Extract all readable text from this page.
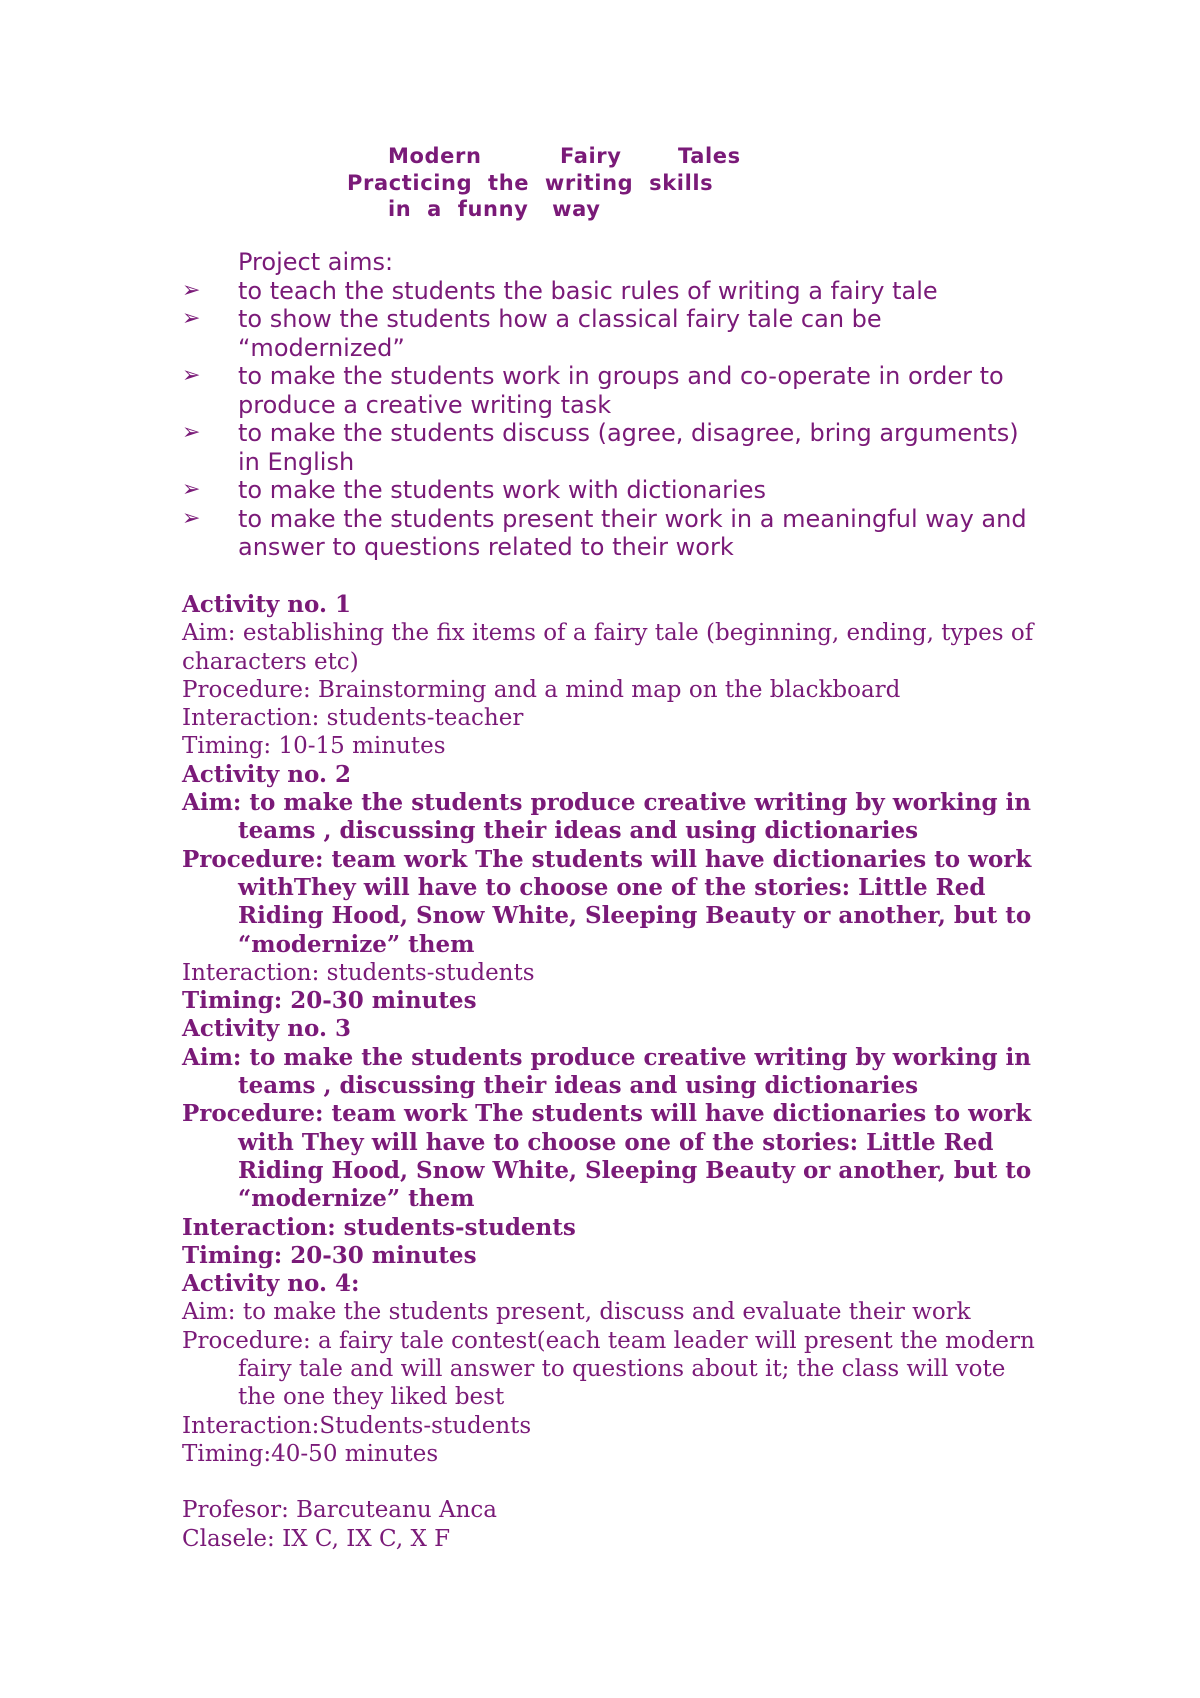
Modern	Fairy	Tales
Practicing  the  writing  skills
in  a  funny   way
Project aims:
➢ to teach the students the basic rules of writing a fairy tale
➢ to show the students how a classical fairy tale can be “modernized”
➢ to make the students work in groups and co-operate in order to produce a creative writing task
➢ to make the students discuss (agree, disagree, bring arguments) in English
➢ to make the students work with dictionaries
➢ to make the students present their work in a meaningful way and answer to questions related to their work
Activity no. 1
Aim: establishing the fix items of a fairy tale (beginning, ending, types of characters etc)
Procedure: Brainstorming and a mind map on the blackboard
Interaction: students-teacher
Timing: 10-15 minutes
Activity no. 2
Aim: to make the students produce creative writing by working in teams , discussing their ideas and using dictionaries
Procedure: team work The students will have dictionaries to work withThey will have to choose one of the stories: Little Red Riding Hood, Snow White, Sleeping Beauty or another, but to “modernize” them
Interaction: students-students
Timing: 20-30 minutes
Activity no. 3
Aim: to make the students produce creative writing by working in teams , discussing their ideas and using dictionaries
Procedure: team work The students will have dictionaries to work with They will have to choose one of the stories: Little Red Riding Hood, Snow White, Sleeping Beauty or another, but to “modernize” them
Interaction: students-students
Timing: 20-30 minutes
Activity no. 4:
Aim: to make the students present, discuss and evaluate their work
Procedure: a fairy tale contest(each team leader will present the modern fairy tale and will answer to questions about it; the class will vote the one they liked best
Interaction:Students-students
Timing:40-50 minutes
Profesor: Barcuteanu Anca
Clasele: IX C, IX C, X F
